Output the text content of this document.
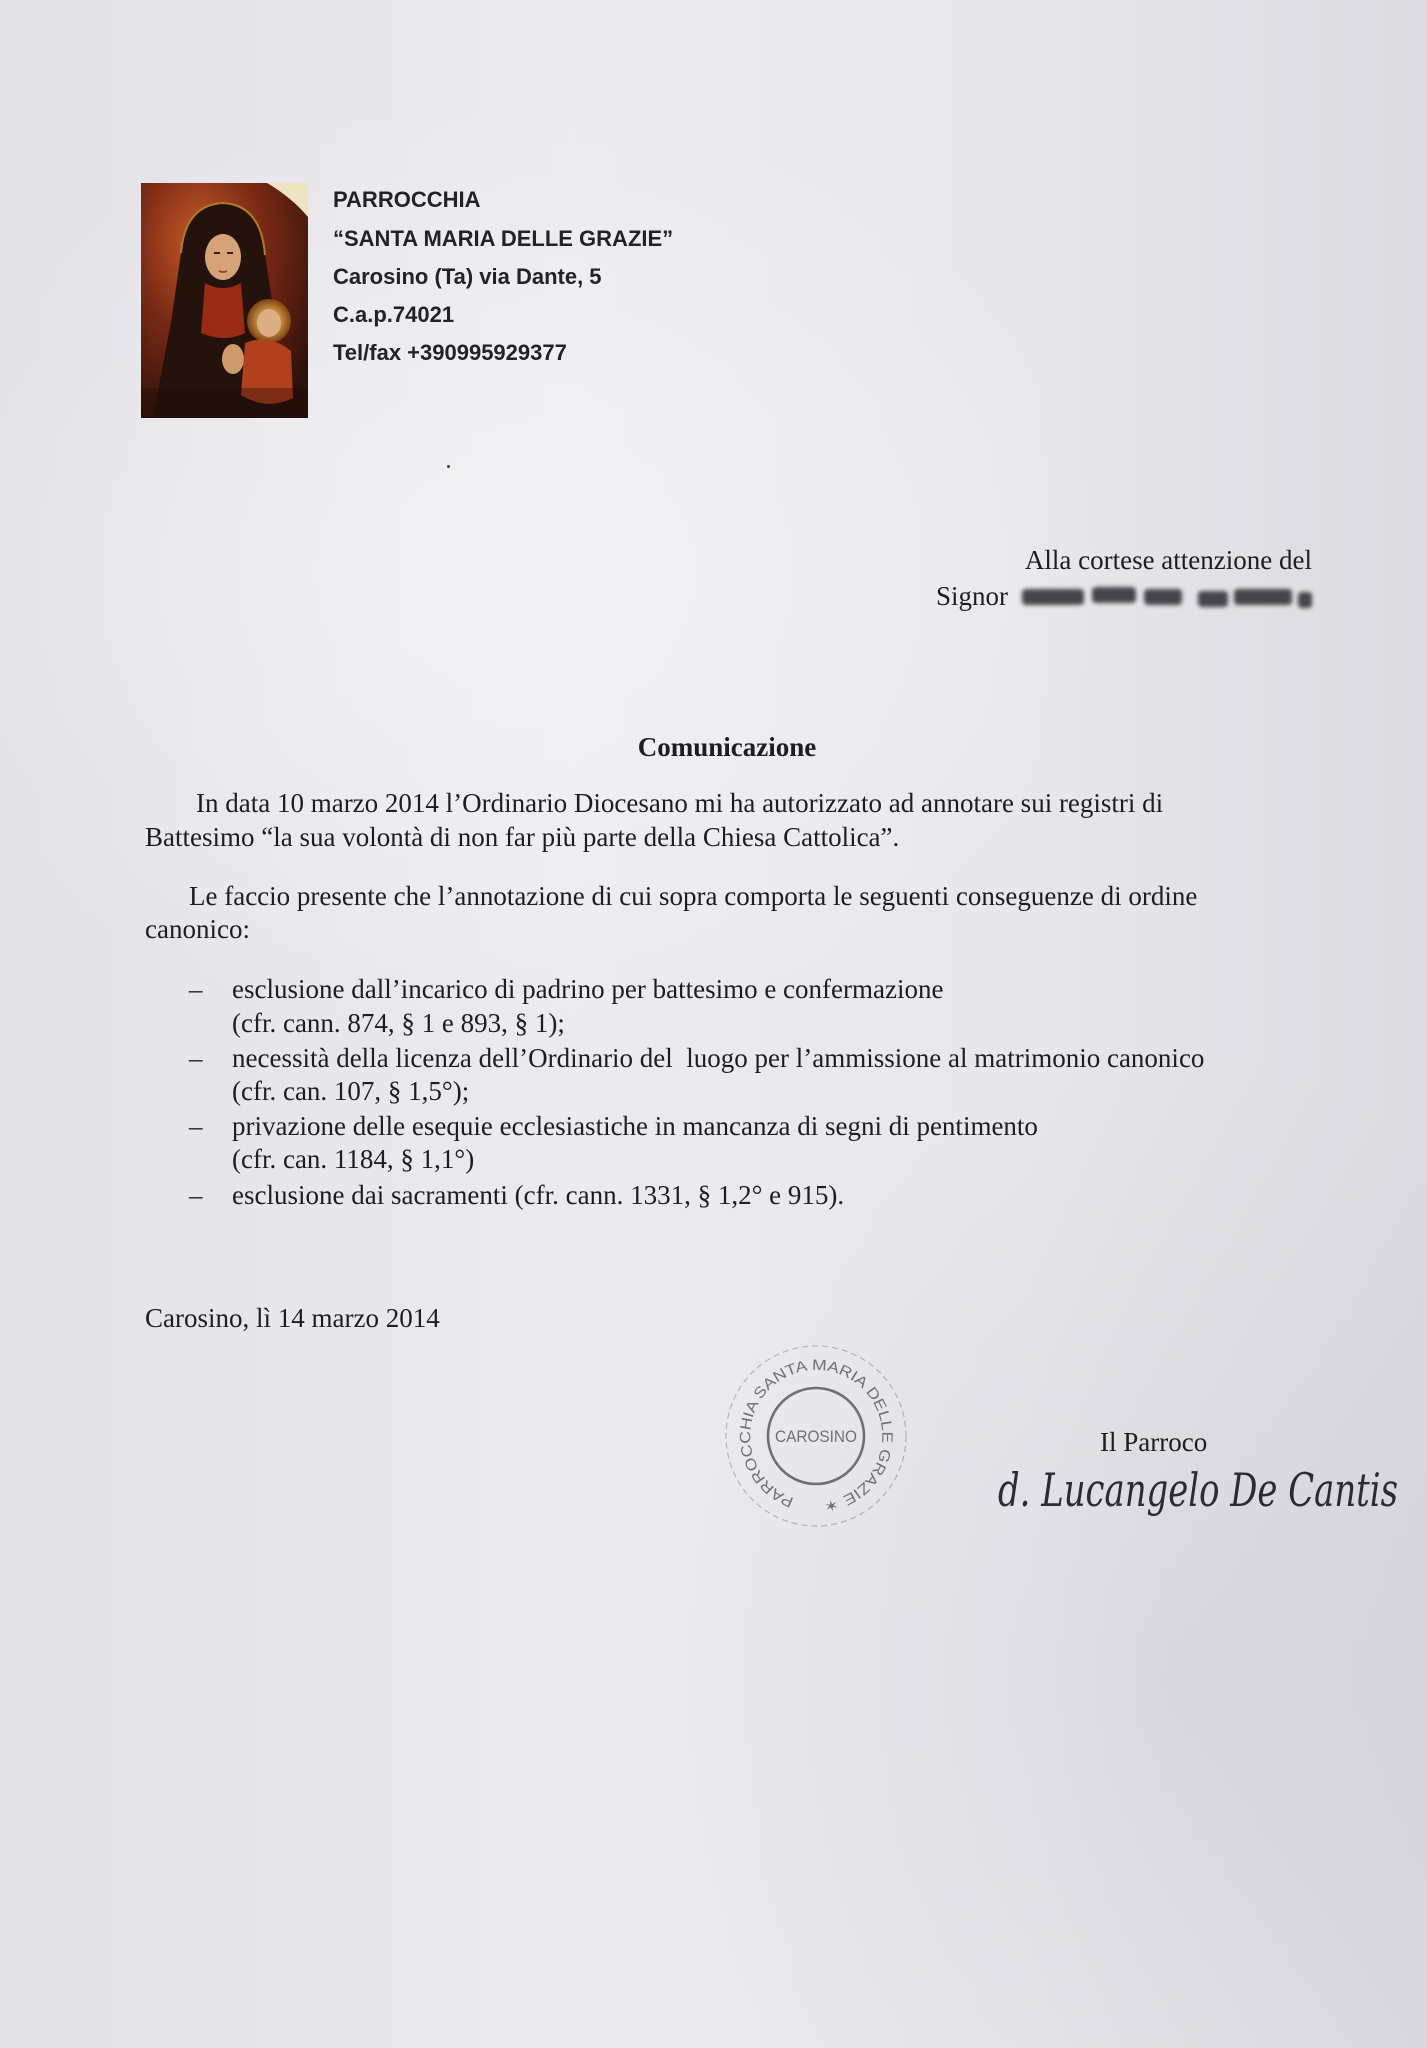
PARROCCHIA
“SANTA MARIA DELLE GRAZIE”
Carosino (Ta) via Dante, 5
C.a.p.74021
Tel/fax +390995929377
Alla cortese attenzione del
Signor
Comunicazione
In data 10 marzo 2014 l’Ordinario Diocesano mi ha autorizzato ad annotare sui registri di
Battesimo “la sua volontà di non far più parte della Chiesa Cattolica”.
Le faccio presente che l’annotazione di cui sopra comporta le seguenti conseguenze di ordine
canonico:
– esclusione dall’incarico di padrino per battesimo e confermazione
(cfr. cann. 874, § 1 e 893, § 1);
– necessità della licenza dell’Ordinario del  luogo per l’ammissione al matrimonio canonico
(cfr. can. 107, § 1,5°);
– privazione delle esequie ecclesiastiche in mancanza di segni di pentimento
(cfr. can. 1184, § 1,1°)
– esclusione dai sacramenti (cfr. cann. 1331, § 1,2° e 915).
Carosino, lì 14 marzo 2014
PARROCCHIA SANTA MARIA DELLE GRAZIE ✶
CAROSINO	Il Parroco
d. Lucangelo De Cantis
